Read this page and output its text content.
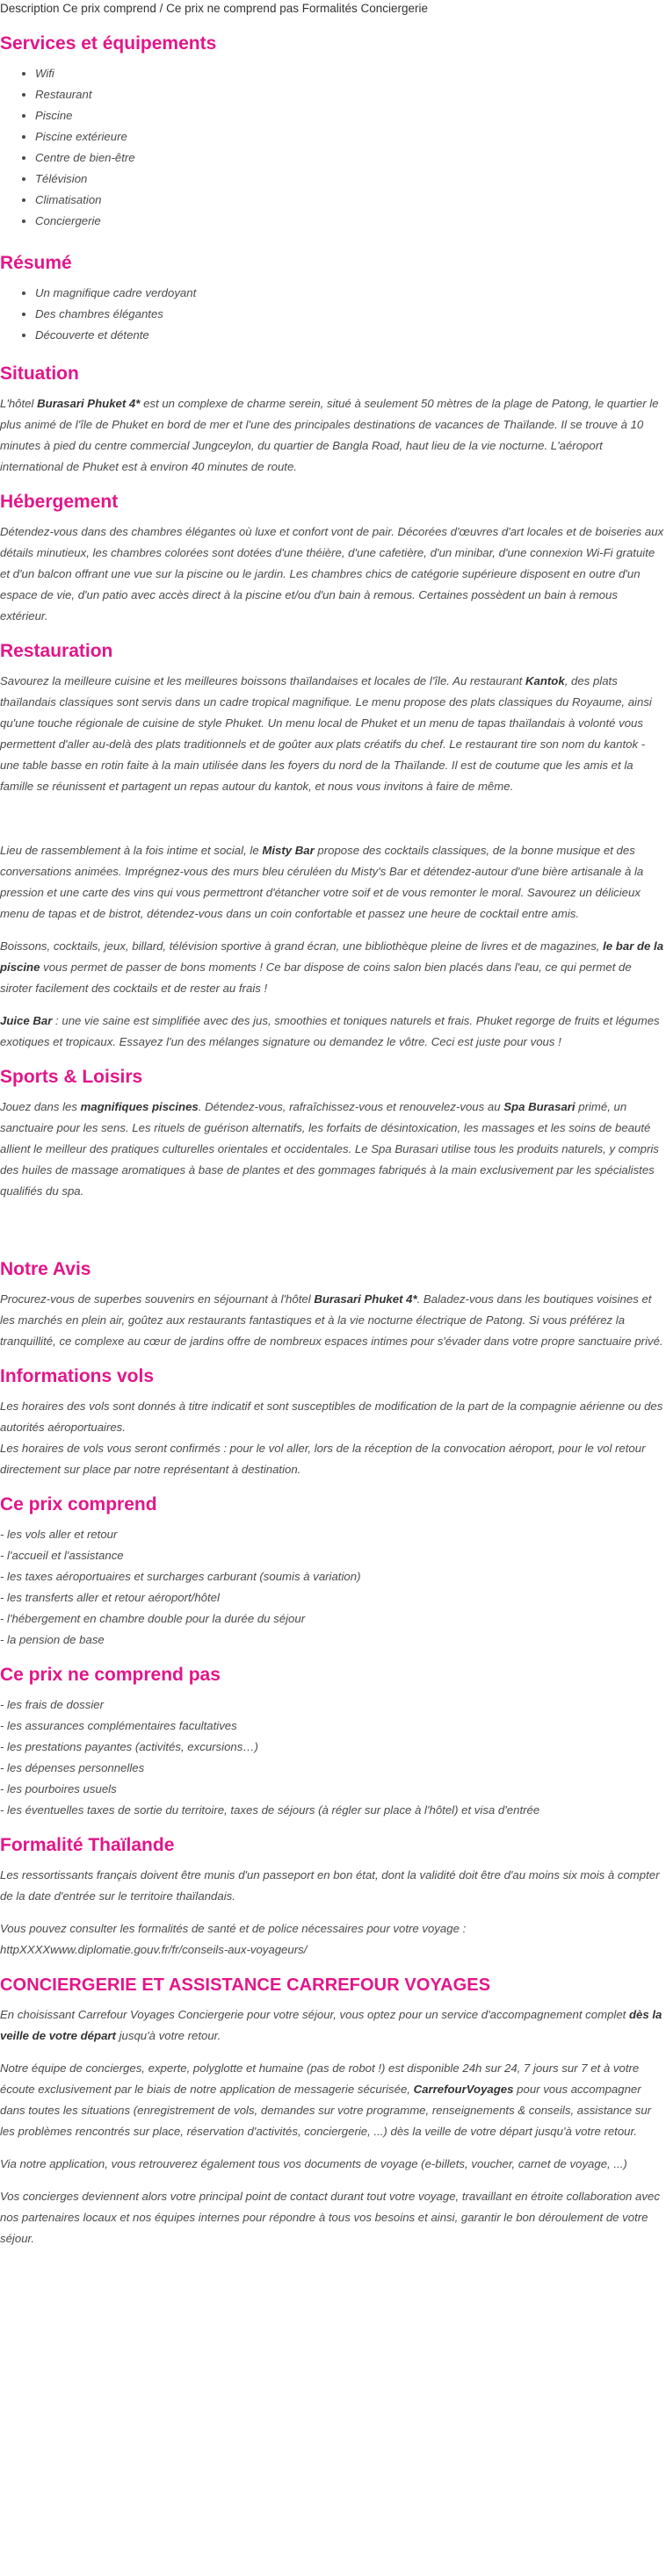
Description Ce prix comprend / Ce prix ne comprend pas Formalités Conciergerie
Services et équipements
• Wifi
• Restaurant
• Piscine
• Piscine extérieure
• Centre de bien-être
• Télévision
• Climatisation
• Conciergerie
Résumé
• Un magnifique cadre verdoyant
• Des chambres élégantes
• Découverte et détente
Situation

L'hôtel Burasari Phuket 4* est un complexe de charme serein, situé à seulement 50 mètres de la plage de Patong, le quartier le plus animé de l'île de Phuket en bord de mer et l'une des principales destinations de vacances de Thaïlande. Il se trouve à 10 minutes à pied du centre commercial Jungceylon, du quartier de Bangla Road, haut lieu de la vie nocturne. L'aéroport international de Phuket est à environ 40 minutes de route.

Hébergement

Détendez-vous dans des chambres élégantes où luxe et confort vont de pair. Décorées d'œuvres d'art locales et de boiseries aux détails minutieux, les chambres colorées sont dotées d'une théière, d'une cafetière, d'un minibar, d'une connexion Wi-Fi gratuite et d'un balcon offrant une vue sur la piscine ou le jardin. Les chambres chics de catégorie supérieure disposent en outre d'un espace de vie, d'un patio avec accès direct à la piscine et/ou d'un bain à remous. Certaines possèdent un bain à remous extérieur.

Restauration

Savourez la meilleure cuisine et les meilleures boissons thaïlandaises et locales de l'île. Au restaurant Kantok, des plats thaïlandais classiques sont servis dans un cadre tropical magnifique. Le menu propose des plats classiques du Royaume, ainsi qu'une touche régionale de cuisine de style Phuket. Un menu local de Phuket et un menu de tapas thaïlandais à volonté vous permettent d'aller au-delà des plats traditionnels et de goûter aux plats créatifs du chef. Le restaurant tire son nom du kantok - une table basse en rotin faite à la main utilisée dans les foyers du nord de la Thaïlande. Il est de coutume que les amis et la famille se réunissent et partagent un repas autour du kantok, et nous vous invitons à faire de même.

Lieu de rassemblement à la fois intime et social, le Misty Bar propose des cocktails classiques, de la bonne musique et des conversations animées. Imprégnez-vous des murs bleu céruléen du Misty's Bar et détendez-autour d'une bière artisanale à la pression et une carte des vins qui vous permettront d'étancher votre soif et de vous remonter le moral. Savourez un délicieux menu de tapas et de bistrot, détendez-vous dans un coin confortable et passez une heure de cocktail entre amis.

Boissons, cocktails, jeux, billard, télévision sportive à grand écran, une bibliothèque pleine de livres et de magazines, le bar de la piscine vous permet de passer de bons moments ! Ce bar dispose de coins salon bien placés dans l'eau, ce qui permet de siroter facilement des cocktails et de rester au frais !

Juice Bar : une vie saine est simplifiée avec des jus, smoothies et toniques naturels et frais. Phuket regorge de fruits et légumes exotiques et tropicaux. Essayez l'un des mélanges signature ou demandez le vôtre. Ceci est juste pour vous !

Sports & Loisirs

Jouez dans les magnifiques piscines. Détendez-vous, rafraîchissez-vous et renouvelez-vous au Spa Burasari primé, un sanctuaire pour les sens. Les rituels de guérison alternatifs, les forfaits de désintoxication, les massages et les soins de beauté allient le meilleur des pratiques culturelles orientales et occidentales. Le Spa Burasari utilise tous les produits naturels, y compris des huiles de massage aromatiques à base de plantes et des gommages fabriqués à la main exclusivement par les spécialistes qualifiés du spa.

Notre Avis

Procurez-vous de superbes souvenirs en séjournant à l'hôtel Burasari Phuket 4*. Baladez-vous dans les boutiques voisines et les marchés en plein air, goûtez aux restaurants fantastiques et à la vie nocturne électrique de Patong. Si vous préférez la tranquillité, ce complexe au cœur de jardins offre de nombreux espaces intimes pour s'évader dans votre propre sanctuaire privé.

Informations vols

Les horaires des vols sont donnés à titre indicatif et sont susceptibles de modification de la part de la compagnie aérienne ou des autorités aéroportuaires.
Les horaires de vols vous seront confirmés : pour le vol aller, lors de la réception de la convocation aéroport, pour le vol retour directement sur place par notre représentant à destination.

Ce prix comprend
- les vols aller et retour
- l'accueil et l'assistance
- les taxes aéroportuaires et surcharges carburant (soumis à variation)
- les transferts aller et retour aéroport/hôtel
- l'hébergement en chambre double pour la durée du séjour
- la pension de base
Ce prix ne comprend pas
- les frais de dossier
- les assurances complémentaires facultatives
- les prestations payantes (activités, excursions…)
- les dépenses personnelles
- les pourboires usuels
- les éventuelles taxes de sortie du territoire, taxes de séjours (à régler sur place à l'hôtel) et visa d'entrée
Formalité Thaïlande

Les ressortissants français doivent être munis d'un passeport en bon état, dont la validité doit être d'au moins six mois à compter de la date d'entrée sur le territoire thaïlandais.

Vous pouvez consulter les formalités de santé et de police nécessaires pour votre voyage : httpXXXXwww.diplomatie.gouv.fr/fr/conseils-aux-voyageurs/

CONCIERGERIE ET ASSISTANCE CARREFOUR VOYAGES

En choisissant Carrefour Voyages Conciergerie pour votre séjour, vous optez pour un service d'accompagnement complet dès la veille de votre départ jusqu'à votre retour.

Notre équipe de concierges, experte, polyglotte et humaine (pas de robot !) est disponible 24h sur 24, 7 jours sur 7 et à votre écoute exclusivement par le biais de notre application de messagerie sécurisée, CarrefourVoyages pour vous accompagner dans toutes les situations (enregistrement de vols, demandes sur votre programme, renseignements & conseils, assistance sur les problèmes rencontrés sur place, réservation d'activités, conciergerie, ...) dès la veille de votre départ jusqu'à votre retour.

Via notre application, vous retrouverez également tous vos documents de voyage (e-billets, voucher, carnet de voyage, ...)

Vos concierges deviennent alors votre principal point de contact durant tout votre voyage, travaillant en étroite collaboration avec nos partenaires locaux et nos équipes internes pour répondre à tous vos besoins et ainsi, garantir le bon déroulement de votre séjour.
